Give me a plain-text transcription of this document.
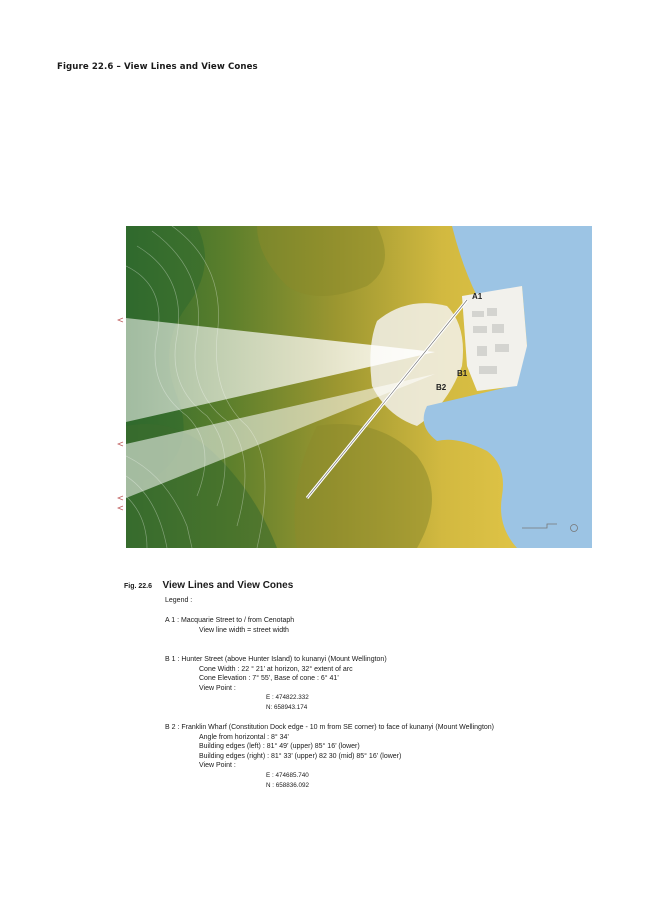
Figure 22.6 – View Lines and View Cones
A1
B1
B2
Fig. 22.6 View Lines and View Cones
Legend :
A 1 : Macquarie Street to / from Cenotaph
View line width = street width
B 1 : Hunter Street (above Hunter Island) to kunanyi (Mount Wellington)
Cone Width : 22 ° 21’ at horizon, 32° extent of arc
Cone Elevation : 7° 55’, Base of cone : 6° 41’
View Point :
E : 474822.332
N: 658943.174
B 2 : Franklin Wharf (Constitution Dock edge - 10 m from SE corner) to face of kunanyi (Mount Wellington)
Angle from horizontal : 8° 34’
Building edges (left) : 81° 49’ (upper) 85° 16’ (lower)
Building edges (right) : 81° 33’ (upper) 82 30 (mid) 85° 16’ (lower)
View Point :
E : 474685.740
N : 658836.092
